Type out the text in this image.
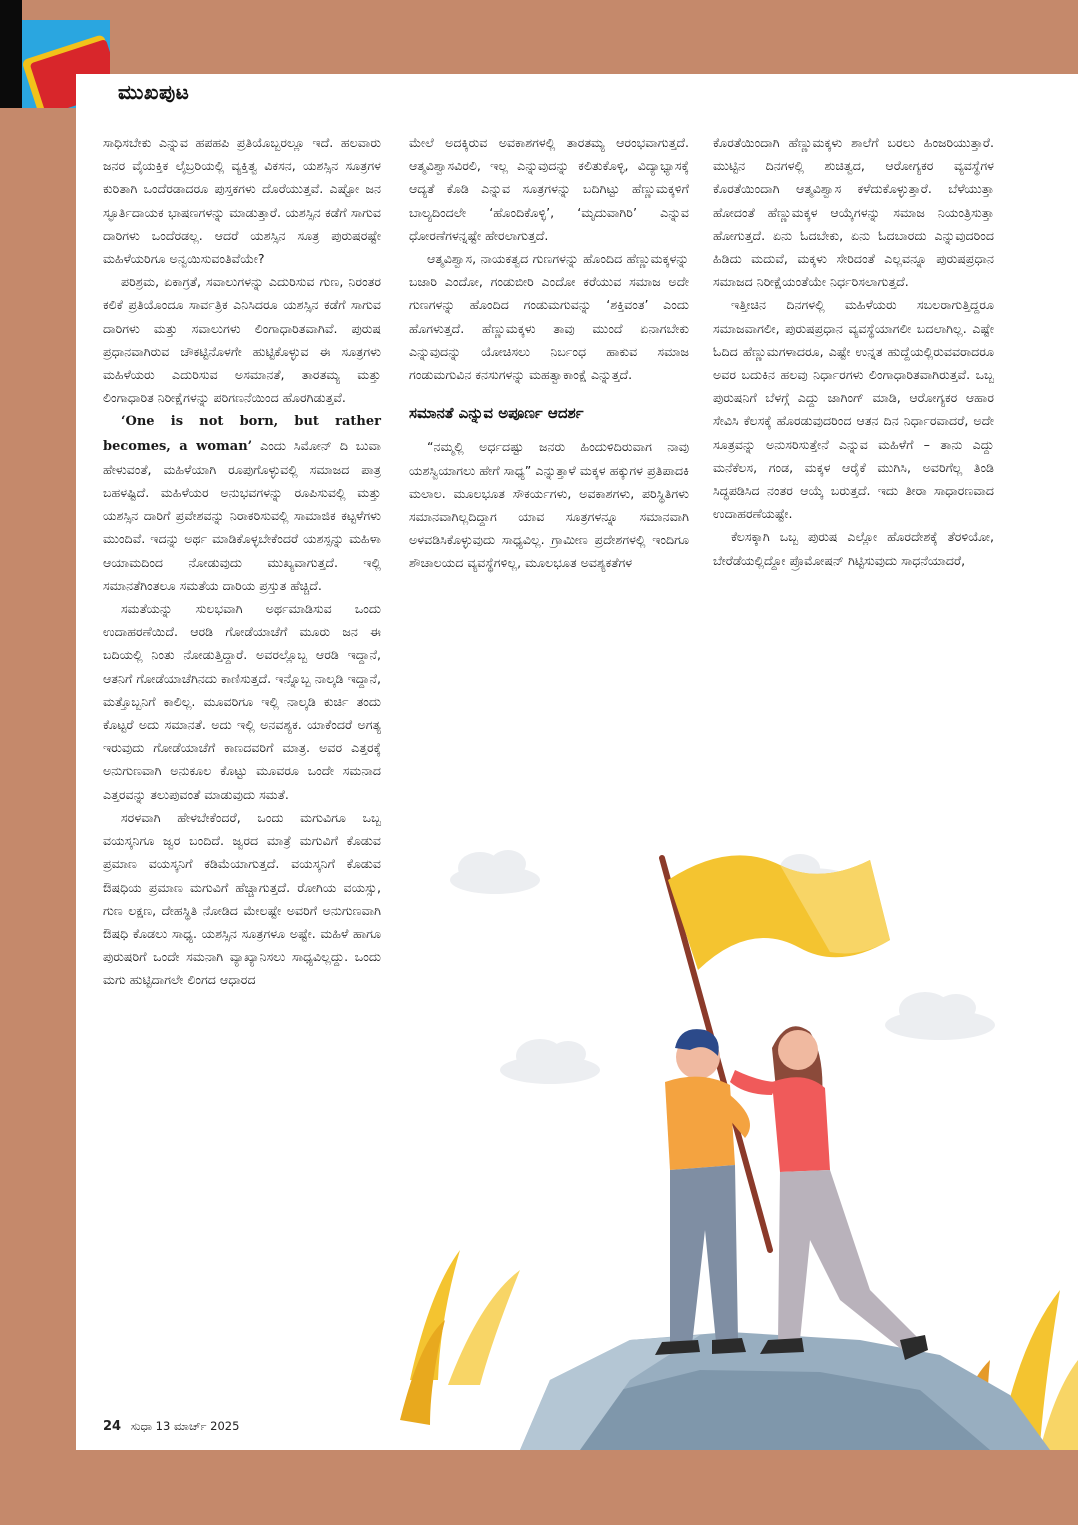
ಮುಖಪುಟ

ಸಾಧಿಸಬೇಕು ಎನ್ನುವ ಹಪಹಪಿ ಪ್ರತಿಯೊಬ್ಬರಲ್ಲೂ ಇದೆ. ಹಲವಾರು ಜನರ ವೈಯಕ್ತಿಕ ಲೈಬ್ರರಿಯಲ್ಲಿ ವ್ಯಕ್ತಿತ್ವ ವಿಕಸನ, ಯಶಸ್ಸಿನ ಸೂತ್ರಗಳ ಕುರಿತಾಗಿ ಒಂದೆರಡಾದರೂ ಪುಸ್ತಕಗಳು ದೊರೆಯುತ್ತವೆ. ಎಷ್ಟೋ ಜನ ಸ್ಫೂರ್ತಿದಾಯಕ ಭಾಷಣಗಳನ್ನು ಮಾಡುತ್ತಾರೆ. ಯಶಸ್ಸಿನ ಕಡೆಗೆ ಸಾಗುವ ದಾರಿಗಳು ಒಂದೆರಡಲ್ಲ. ಆದರೆ ಯಶಸ್ಸಿನ ಸೂತ್ರ ಪುರುಷರಷ್ಟೇ ಮಹಿಳೆಯರಿಗೂ ಅನ್ವಯಿಸುವಂತಿವೆಯೇ?

ಪರಿಶ್ರಮ, ಏಕಾಗ್ರತೆ, ಸವಾಲುಗಳನ್ನು ಎದುರಿಸುವ ಗುಣ, ನಿರಂತರ ಕಲಿಕೆ ಪ್ರತಿಯೊಂದೂ ಸಾರ್ವತ್ರಿಕ ಎನಿಸಿದರೂ ಯಶಸ್ಸಿನ ಕಡೆಗೆ ಸಾಗುವ ದಾರಿಗಳು ಮತ್ತು ಸವಾಲುಗಳು ಲಿಂಗಾಧಾರಿತವಾಗಿವೆ. ಪುರುಷ ಪ್ರಧಾನವಾಗಿರುವ ಚೌಕಟ್ಟಿನೊಳಗೇ ಹುಟ್ಟಿಕೊಳ್ಳುವ ಈ ಸೂತ್ರಗಳು ಮಹಿಳೆಯರು ಎದುರಿಸುವ ಅಸಮಾನತೆ, ತಾರತಮ್ಯ ಮತ್ತು ಲಿಂಗಾಧಾರಿತ ನಿರೀಕ್ಷೆಗಳನ್ನು ಪರಿಗಣನೆಯಿಂದ ಹೊರಗಿಡುತ್ತವೆ.

‘One is not born, but rather becomes, a woman’ ಎಂದು ಸಿಮೋನ್ ದಿ ಬುವಾ ಹೇಳುವಂತೆ, ಮಹಿಳೆಯಾಗಿ ರೂಪುಗೊಳ್ಳುವಲ್ಲಿ ಸಮಾಜದ ಪಾತ್ರ ಬಹಳಷ್ಟಿದೆ. ಮಹಿಳೆಯರ ಅನುಭವಗಳನ್ನು ರೂಪಿಸುವಲ್ಲಿ ಮತ್ತು ಯಶಸ್ಸಿನ ದಾರಿಗೆ ಪ್ರವೇಶವನ್ನು ನಿರಾಕರಿಸುವಲ್ಲಿ ಸಾಮಾಜಿಕ ಕಟ್ಟಳೆಗಳು ಮುಂದಿವೆ. ಇದನ್ನು ಅರ್ಥ ಮಾಡಿಕೊಳ್ಳಬೇಕೆಂದರೆ ಯಶಸ್ಸನ್ನು ಮಹಿಳಾ ಆಯಾಮದಿಂದ ನೋಡುವುದು ಮುಖ್ಯವಾಗುತ್ತದೆ. ಇಲ್ಲಿ ಸಮಾನತೆಗಿಂತಲೂ ಸಮತೆಯ ದಾರಿಯ ಪ್ರಸ್ತುತ ಹೆಚ್ಚಿದೆ.

ಸಮತೆಯನ್ನು ಸುಲಭವಾಗಿ ಅರ್ಥಮಾಡಿಸುವ ಒಂದು ಉದಾಹರಣೆಯಿದೆ. ಆರಡಿ ಗೋಡೆಯಾಚೆಗೆ ಮೂರು ಜನ ಈ ಬದಿಯಲ್ಲಿ ನಿಂತು ನೋಡುತ್ತಿದ್ದಾರೆ. ಅವರಲ್ಲೊಬ್ಬ ಆರಡಿ ಇದ್ದಾನೆ, ಆತನಿಗೆ ಗೋಡೆಯಾಚೆಗಿನದು ಕಾಣಿಸುತ್ತದೆ. ಇನ್ನೊಬ್ಬ ನಾಲ್ಕಡಿ ಇದ್ದಾನೆ, ಮತ್ತೊಬ್ಬನಿಗೆ ಕಾಲಿಲ್ಲ. ಮೂವರಿಗೂ ಇಲ್ಲಿ ನಾಲ್ಕಡಿ ಕುರ್ಚಿ ತಂದು ಕೊಟ್ಟರೆ ಅದು ಸಮಾನತೆ. ಅದು ಇಲ್ಲಿ ಅನವಶ್ಯಕ. ಯಾಕೆಂದರೆ ಅಗತ್ಯ ಇರುವುದು ಗೋಡೆಯಾಚೆಗೆ ಕಾಣದವರಿಗೆ ಮಾತ್ರ. ಅವರ ಎತ್ತರಕ್ಕೆ ಅನುಗುಣವಾಗಿ ಅನುಕೂಲ ಕೊಟ್ಟು ಮೂವರೂ ಒಂದೇ ಸಮನಾದ ಎತ್ತರವನ್ನು ತಲುಪುವಂತೆ ಮಾಡುವುದು ಸಮತೆ.

ಸರಳವಾಗಿ ಹೇಳಬೇಕೆಂದರೆ, ಒಂದು ಮಗುವಿಗೂ ಒಬ್ಬ ವಯಸ್ಕನಿಗೂ ಜ್ವರ ಬಂದಿದೆ. ಜ್ವರದ ಮಾತ್ರೆ ಮಗುವಿಗೆ ಕೊಡುವ ಪ್ರಮಾಣ ವಯಸ್ಕನಿಗೆ ಕಡಿಮೆಯಾಗುತ್ತದೆ. ವಯಸ್ಕನಿಗೆ ಕೊಡುವ ಔಷಧಿಯ ಪ್ರಮಾಣ ಮಗುವಿಗೆ ಹೆಚ್ಚಾಗುತ್ತದೆ. ರೋಗಿಯ ವಯಸ್ಸು, ಗುಣ ಲಕ್ಷಣ, ದೇಹಸ್ಥಿತಿ ನೋಡಿದ ಮೇಲಷ್ಟೇ ಅವರಿಗೆ ಅನುಗುಣವಾಗಿ ಔಷಧಿ ಕೊಡಲು ಸಾಧ್ಯ. ಯಶಸ್ಸಿನ ಸೂತ್ರಗಳೂ ಅಷ್ಟೇ. ಮಹಿಳೆ ಹಾಗೂ ಪುರುಷರಿಗೆ ಒಂದೇ ಸಮನಾಗಿ ವ್ಯಾಖ್ಯಾನಿಸಲು ಸಾಧ್ಯವಿಲ್ಲದ್ದು. ಒಂದು ಮಗು ಹುಟ್ಟಿದಾಗಲೇ ಲಿಂಗದ ಆಧಾರದ

ಮೇಲೆ ಅದಕ್ಕಿರುವ ಅವಕಾಶಗಳಲ್ಲಿ ತಾರತಮ್ಯ ಆರಂಭವಾಗುತ್ತದೆ. ಆತ್ಮವಿಶ್ವಾಸವಿರಲಿ, ಇಲ್ಲ ಎನ್ನುವುದನ್ನು ಕಲಿತುಕೊಳ್ಳಿ, ವಿದ್ಯಾಭ್ಯಾಸಕ್ಕೆ ಆದ್ಯತೆ ಕೊಡಿ ಎನ್ನುವ ಸೂತ್ರಗಳನ್ನು ಬದಿಗಿಟ್ಟು ಹೆಣ್ಣುಮಕ್ಕಳಿಗೆ ಬಾಲ್ಯದಿಂದಲೇ ‘ಹೊಂದಿಕೊಳ್ಳಿ’, ‘ಮೃದುವಾಗಿರಿ’ ಎನ್ನುವ ಧೋರಣೆಗಳನ್ನಷ್ಟೇ ಹೇರಲಾಗುತ್ತದೆ.

ಆತ್ಮವಿಶ್ವಾಸ, ನಾಯಕತ್ವದ ಗುಣಗಳನ್ನು ಹೊಂದಿದ ಹೆಣ್ಣುಮಕ್ಕಳನ್ನು ಬಜಾರಿ ಎಂದೋ, ಗಂಡುಬೀರಿ ಎಂದೋ ಕರೆಯುವ ಸಮಾಜ ಅದೇ ಗುಣಗಳನ್ನು ಹೊಂದಿದ ಗಂಡುಮಗುವನ್ನು ‘ಶಕ್ತಿವಂತ’ ಎಂದು ಹೊಗಳುತ್ತದೆ. ಹೆಣ್ಣುಮಕ್ಕಳು ತಾವು ಮುಂದೆ ಏನಾಗಬೇಕು ಎನ್ನುವುದನ್ನು ಯೋಚಿಸಲು ನಿರ್ಬಂಧ ಹಾಕುವ ಸಮಾಜ ಗಂಡುಮಗುವಿನ ಕನಸುಗಳನ್ನು ಮಹತ್ವಾಕಾಂಕ್ಷೆ ಎನ್ನುತ್ತದೆ.

ಸಮಾನತೆ ಎನ್ನುವ ಅಪೂರ್ಣ ಆದರ್ಶ

“ನಮ್ಮಲ್ಲಿ ಅರ್ಧದಷ್ಟು ಜನರು ಹಿಂದುಳಿದಿರುವಾಗ ನಾವು ಯಶಸ್ವಿಯಾಗಲು ಹೇಗೆ ಸಾಧ್ಯ” ಎನ್ನುತ್ತಾಳೆ ಮಕ್ಕಳ ಹಕ್ಕುಗಳ ಪ್ರತಿಪಾದಕಿ ಮಲಾಲ. ಮೂಲಭೂತ ಸೌಕರ್ಯಗಳು, ಅವಕಾಶಗಳು, ಪರಿಸ್ಥಿತಿಗಳು ಸಮಾನವಾಗಿಲ್ಲದಿದ್ದಾಗ ಯಾವ ಸೂತ್ರಗಳನ್ನೂ ಸಮಾನವಾಗಿ ಅಳವಡಿಸಿಕೊಳ್ಳುವುದು ಸಾಧ್ಯವಿಲ್ಲ. ಗ್ರಾಮೀಣ ಪ್ರದೇಶಗಳಲ್ಲಿ ಇಂದಿಗೂ ಶೌಚಾಲಯದ ವ್ಯವಸ್ಥೆಗಳಿಲ್ಲ, ಮೂಲಭೂತ ಅವಶ್ಯಕತೆಗಳ

ಕೊರತೆಯಿಂದಾಗಿ ಹೆಣ್ಣುಮಕ್ಕಳು ಶಾಲೆಗೆ ಬರಲು ಹಿಂಜರಿಯುತ್ತಾರೆ. ಮುಟ್ಟಿನ ದಿನಗಳಲ್ಲಿ ಶುಚಿತ್ವದ, ಆರೋಗ್ಯಕರ ವ್ಯವಸ್ಥೆಗಳ ಕೊರತೆಯಿಂದಾಗಿ ಆತ್ಮವಿಶ್ವಾಸ ಕಳೆದುಕೊಳ್ಳುತ್ತಾರೆ. ಬೆಳೆಯುತ್ತಾ ಹೋದಂತೆ ಹೆಣ್ಣುಮಕ್ಕಳ ಆಯ್ಕೆಗಳನ್ನು ಸಮಾಜ ನಿಯಂತ್ರಿಸುತ್ತಾ ಹೋಗುತ್ತದೆ. ಏನು ಓದಬೇಕು, ಏನು ಓದಬಾರದು ಎನ್ನುವುದರಿಂದ ಹಿಡಿದು ಮದುವೆ, ಮಕ್ಕಳು ಸೇರಿದಂತೆ ಎಲ್ಲವನ್ನೂ ಪುರುಷಪ್ರಧಾನ ಸಮಾಜದ ನಿರೀಕ್ಷೆಯಂತೆಯೇ ನಿರ್ಧರಿಸಲಾಗುತ್ತದೆ.

ಇತ್ತೀಚಿನ ದಿನಗಳಲ್ಲಿ ಮಹಿಳೆಯರು ಸಬಲರಾಗುತ್ತಿದ್ದರೂ ಸಮಾಜವಾಗಲೀ, ಪುರುಷಪ್ರಧಾನ ವ್ಯವಸ್ಥೆಯಾಗಲೀ ಬದಲಾಗಿಲ್ಲ. ಎಷ್ಟೇ ಓದಿದ ಹೆಣ್ಣುಮಗಳಾದರೂ, ಎಷ್ಟೇ ಉನ್ನತ ಹುದ್ದೆಯಲ್ಲಿರುವವರಾದರೂ ಅವರ ಬದುಕಿನ ಹಲವು ನಿರ್ಧಾರಗಳು ಲಿಂಗಾಧಾರಿತವಾಗಿರುತ್ತವೆ. ಒಬ್ಬ ಪುರುಷನಿಗೆ ಬೆಳಗ್ಗೆ ಎದ್ದು ಜಾಗಿಂಗ್ ಮಾಡಿ, ಆರೋಗ್ಯಕರ ಆಹಾರ ಸೇವಿಸಿ ಕೆಲಸಕ್ಕೆ ಹೊರಡುವುದರಿಂದ ಆತನ ದಿನ ನಿರ್ಧಾರವಾದರೆ, ಅದೇ ಸೂತ್ರವನ್ನು ಅನುಸರಿಸುತ್ತೇನೆ ಎನ್ನುವ ಮಹಿಳೆಗೆ – ತಾನು ಎದ್ದು ಮನೆಕೆಲಸ, ಗಂಡ, ಮಕ್ಕಳ ಆರೈಕೆ ಮುಗಿಸಿ, ಅವರಿಗೆಲ್ಲ ತಿಂಡಿ ಸಿದ್ಧಪಡಿಸಿದ ನಂತರ ಆಯ್ಕೆ ಬರುತ್ತದೆ. ಇದು ತೀರಾ ಸಾಧಾರಣವಾದ ಉದಾಹರಣೆಯಷ್ಟೇ.

ಕೆಲಸಕ್ಕಾಗಿ ಒಬ್ಬ ಪುರುಷ ಎಲ್ಲೋ ಹೊರದೇಶಕ್ಕೆ ತೆರಳಿಯೋ, ಬೇರೆಡೆಯಲ್ಲಿದ್ದೋ ಪ್ರೊಮೋಷನ್ ಗಿಟ್ಟಿಸುವುದು ಸಾಧನೆಯಾದರೆ,

24 ಸುಧಾ 13 ಮಾರ್ಚ್ 2025
